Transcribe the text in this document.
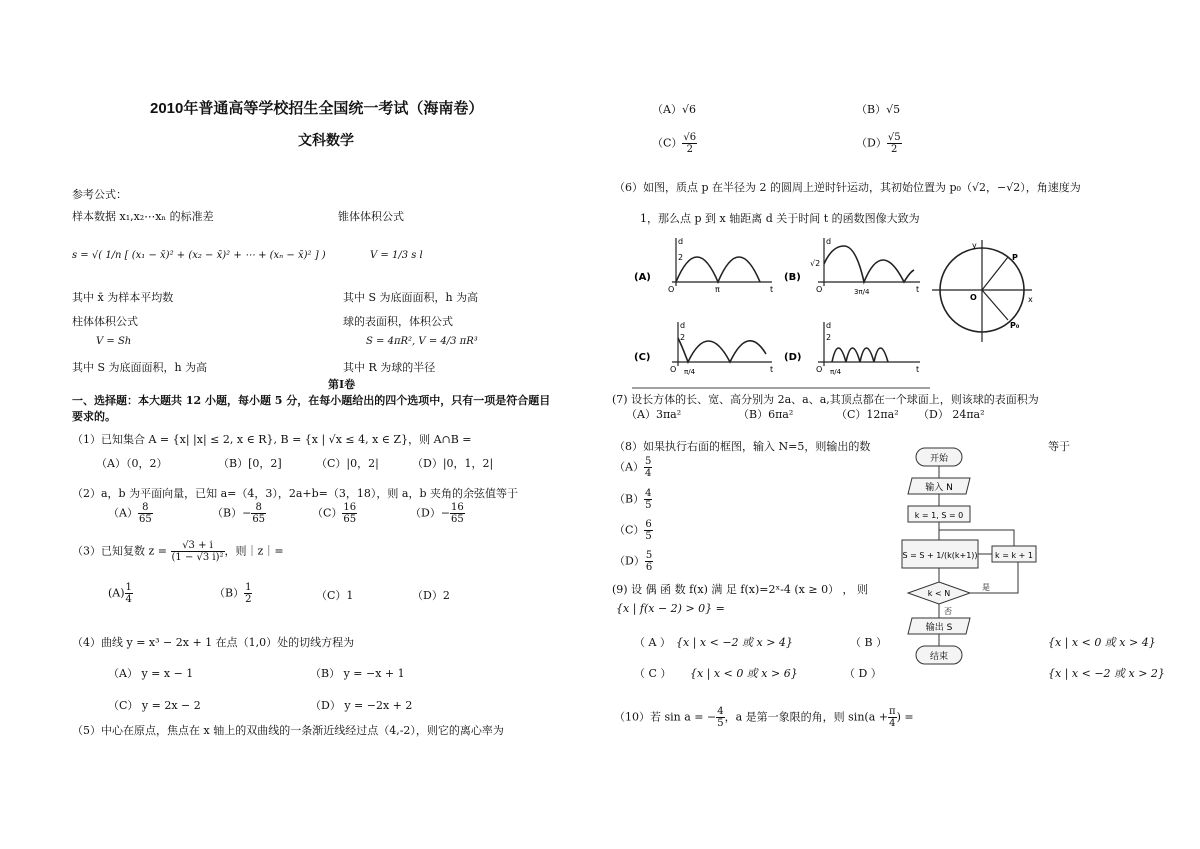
2010年普通高等学校招生全国统一考试（海南卷）
文科数学
参考公式：
样本数据 x₁,x₂⋯xₙ 的标准差	锥体体积公式
s = √( 1/n [ (x₁ − x̄)² + (x₂ − x̄)² + ⋯ + (xₙ − x̄)² ] )	V = 1/3 s l
其中 x̄ 为样本平均数	其中 S 为底面面积，h 为高
柱体体积公式	球的表面积，体积公式
V = Sh	S = 4πR², V = 4/3 πR³
其中 S 为底面面积，h 为高	其中 R 为球的半径
第Ⅰ卷
一、选择题：本大题共 12 小题，每小题 5 分，在每小题给出的四个选项中，只有一项是符合题目
要求的。
（1）已知集合 A = {x| |x| ≤ 2, x ∈ R}, B = {x | √x ≤ 4, x ∈ Z}，则 A∩B =
（A）（0，2）	（B）[0，2]	（C）|0，2|	（D）|0，1，2|
（2）a，b 为平面向量，已知 a=（4，3），2a+b=（3，18），则 a，b 夹角的余弦值等于
$(A) \frac{8}{65}$	$(B)- \frac{8}{65}$	$(C) \frac{16}{65}$	$(D)- \frac{16}{65}$
（3）已知复数 $z = \frac{√3 + i}{\text{(1 − √3 i)²}}$ ，则｜z｜=
$(A) \frac{1}{4}$	$(B) \frac{1}{2}$	（C）1	（D）2
（4）曲线 y = x³ − 2x + 1 在点（1,0）处的切线方程为
（A） y = x − 1	（B） y = −x + 1
（C） y = 2x − 2	（D） y = −2x + 2
（5）中心在原点，焦点在 x 轴上的双曲线的一条渐近线经过点（4,-2），则它的离心率为
（A）√6	（B）√5
$(C) \frac{√6}{2}$	$(D) \frac{√5}{2}$
（6）如图，质点 p 在半径为 2 的圆周上逆时针运动，其初始位置为 p₀（√2，−√2），角速度为
1，那么点 p 到 x 轴距离 d 关于时间 t 的函数图像大致为
(A)
d
2
O	π	t
(B)
d
√2
O	3π/4	t
(C)
d
2
O π/4	t
(D)
d
2
O π/4	t
y
x
P
P₀
O
(7) 设长方体的长、宽、高分别为 2a、a、a,其顶点都在一个球面上，则该球的表面积为
（A）3πa²	（B）6πa²	（C）12πa² （D） 24πa²
（8）如果执行右面的框图，输入 N=5，则输出的数	等于
$(A) \frac{5}{4}$
$(B) \frac{4}{5}$
$(C) \frac{6}{5}$
$(D) \frac{5}{6}$
开始
输入 N
k = 1, S = 0
S = S + 1/(k(k+1)) k = k + 1
k < N
是
否
输出 S
结束
(9) 设 偶 函 数 f(x) 满 足 f(x)=2ˣ-4 (x ≥ 0） ， 则
{x | f(x − 2) > 0} =
（ A ） {x | x < −2 或 x > 4}	（ B ）	{x | x < 0 或 x > 4}
（ C ） {x | x < 0 或 x > 6}	（ D ）	{x | x < −2 或 x > 2}
（10）若 sin a = − $\frac{4}{5}$ ，a 是第一象限的角，则 $\sin(a + \frac{\pi}{4}$ ) =
